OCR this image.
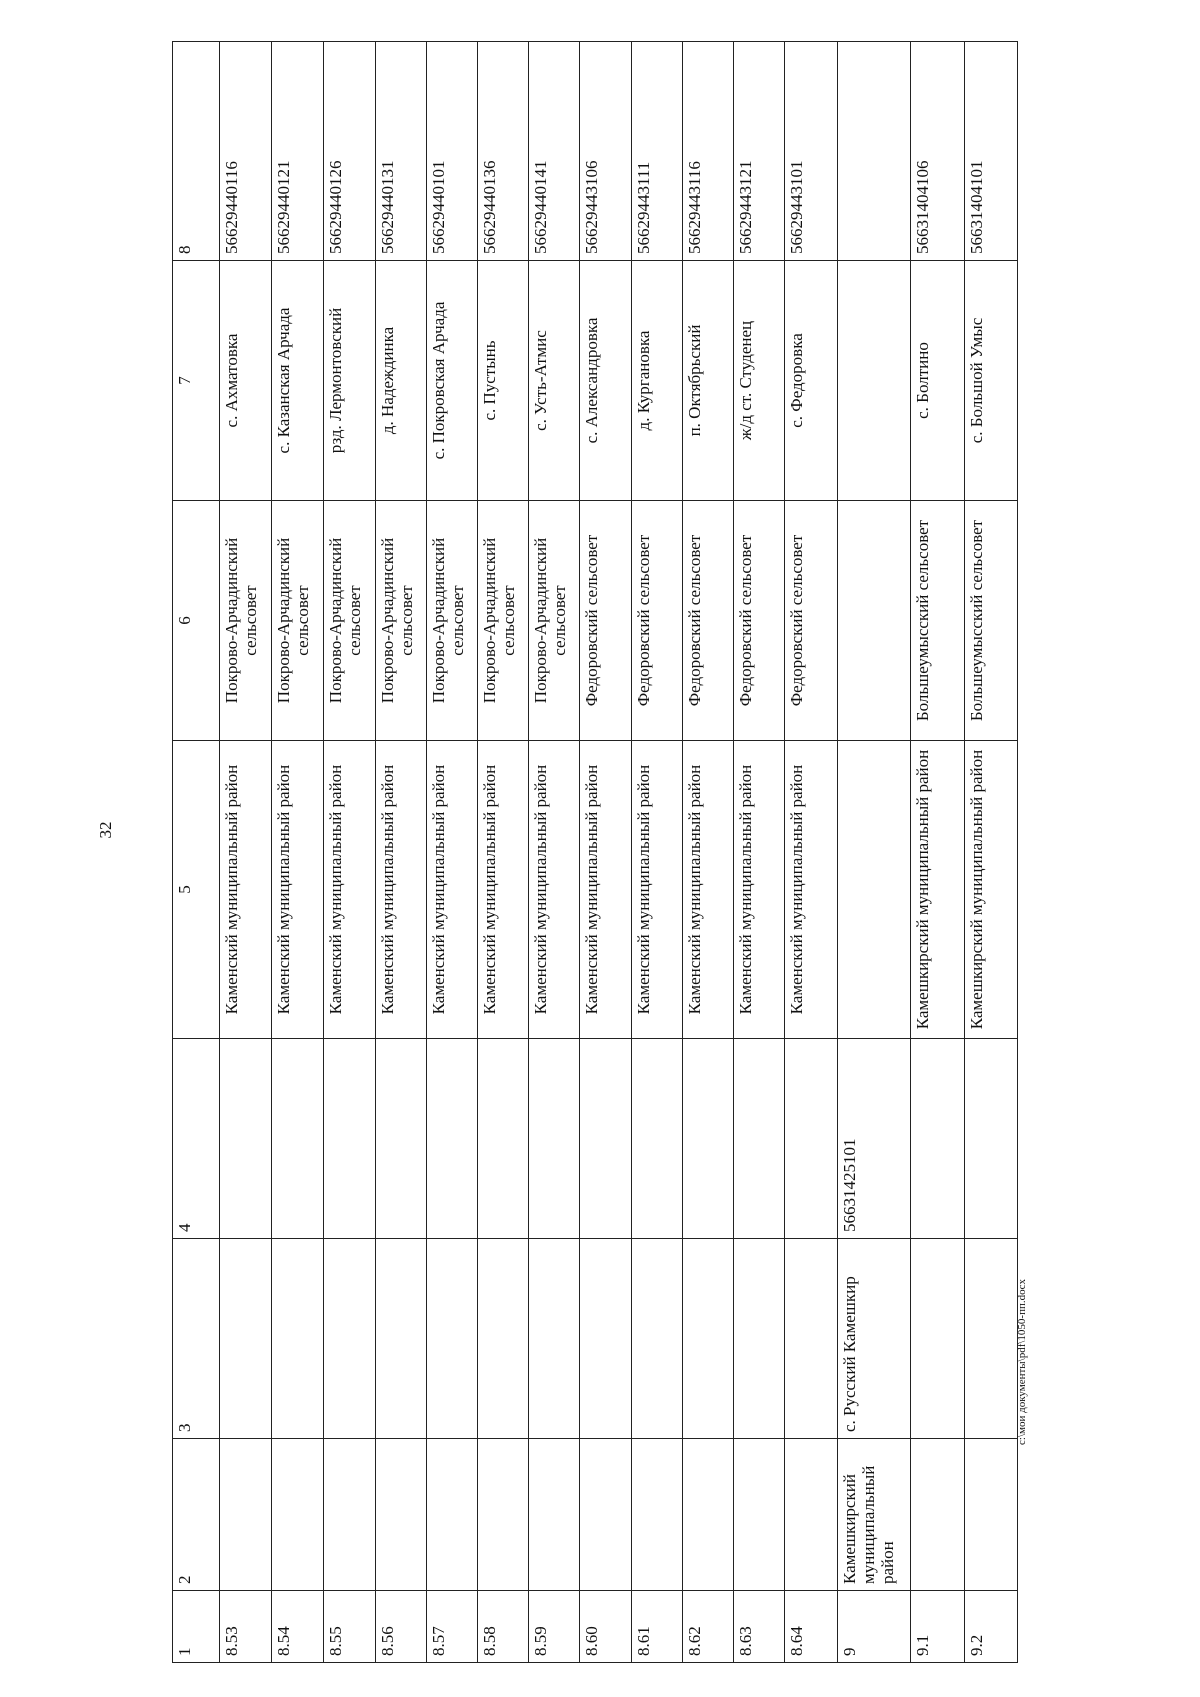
32
1	2	3	4	5	6	7	8
8.53				Каменский муниципальный район	Покрово-Арчадинский сельсовет	с. Ахматовка	56629440116
8.54				Каменский муниципальный район	Покрово-Арчадинский сельсовет	с. Казанская Арчада	56629440121
8.55				Каменский муниципальный район	Покрово-Арчадинский сельсовет	рзд. Лермонтовский	56629440126
8.56				Каменский муниципальный район	Покрово-Арчадинский сельсовет	д. Надеждинка	56629440131
8.57				Каменский муниципальный район	Покрово-Арчадинский сельсовет	с. Покровская Арчада	56629440101
8.58				Каменский муниципальный район	Покрово-Арчадинский сельсовет	с. Пустынь	56629440136
8.59				Каменский муниципальный район	Покрово-Арчадинский сельсовет	с. Усть-Атмис	56629440141
8.60				Каменский муниципальный район	Федоровский сельсовет	с. Александровка	56629443106
8.61				Каменский муниципальный район	Федоровский сельсовет	д. Кургановка	56629443111
8.62				Каменский муниципальный район	Федоровский сельсовет	п. Октябрьский	56629443116
8.63				Каменский муниципальный район	Федоровский сельсовет	ж/д ст. Студенец	56629443121
8.64				Каменский муниципальный район	Федоровский сельсовет	с. Федоровка	56629443101
9	Камешкирский муниципальный район	с. Русский Камешкир	56631425101				
9.1				Камешкирский муниципальный район	Большеумысский сельсовет	с. Болтино	56631404106
9.2				Камешкирский муниципальный район	Большеумысский сельсовет	с. Большой Умыс	56631404101
c:\мои документы\pdf\1050-пп.docx
